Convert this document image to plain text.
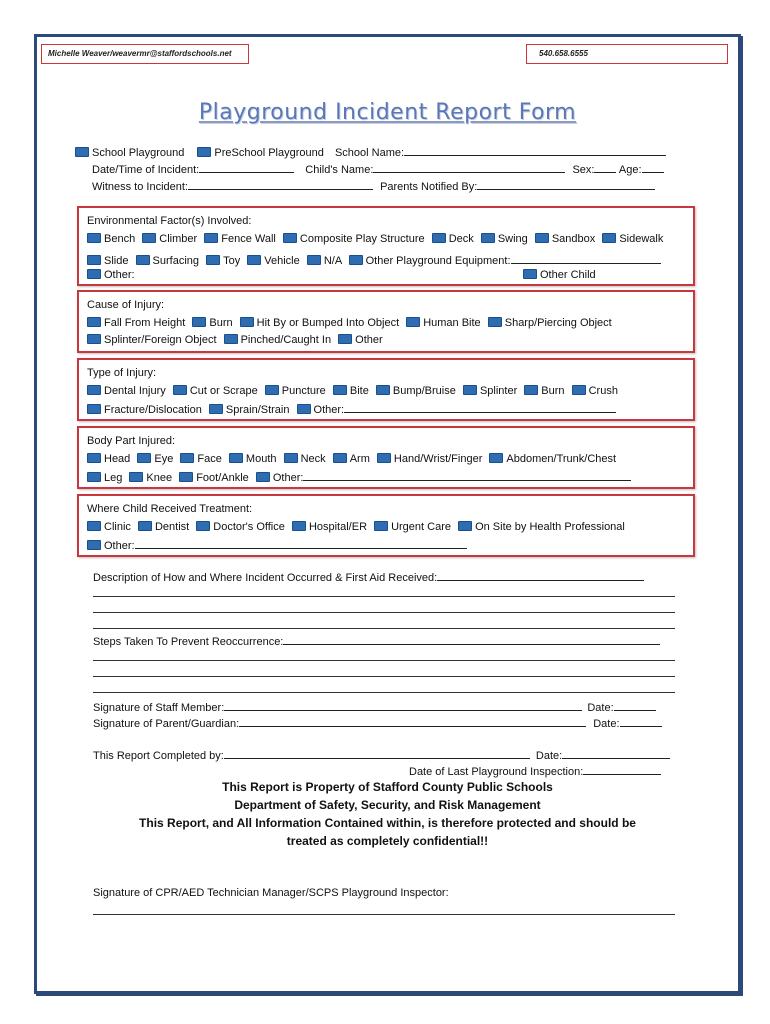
Michelle Weaver/weavermr@staffordschools.net	540.658.6555
Playground Incident Report Form
School Playground	PreSchool Playground School Name:
Date/Time of Incident:	Child's Name:	Sex: Age:
Witness to Incident:	Parents Notified By:
Environmental Factor(s) Involved:
Bench Climber Fence Wall Composite Play Structure Deck Swing Sandbox Sidewalk
Slide Surfacing Toy Vehicle N/A Other Playground Equipment:
Other:	Other Child
Cause of Injury:
Fall From Height Burn Hit By or Bumped Into Object Human Bite Sharp/Piercing Object
Splinter/Foreign Object Pinched/Caught In Other
Type of Injury:
Dental Injury Cut or Scrape Puncture Bite Bump/Bruise Splinter Burn Crush
Fracture/Dislocation Sprain/Strain Other:
Body Part Injured:
Head Eye Face Mouth Neck Arm Hand/Wrist/Finger Abdomen/Trunk/Chest
Leg Knee Foot/Ankle Other:
Where Child Received Treatment:
Clinic Dentist Doctor's Office Hospital/ER Urgent Care On Site by Health Professional
Other:
Description of How and Where Incident Occurred & First Aid Received:
Steps Taken To Prevent Reoccurrence:
Signature of Staff Member:	Date:
Signature of Parent/Guardian:	Date:
This Report Completed by:	Date:
Date of Last Playground Inspection:
This Report is Property of Stafford County Public Schools
Department of Safety, Security, and Risk Management
This Report, and All Information Contained within, is therefore protected and should be
treated as completely confidential!!
Signature of CPR/AED Technician Manager/SCPS Playground Inspector:
